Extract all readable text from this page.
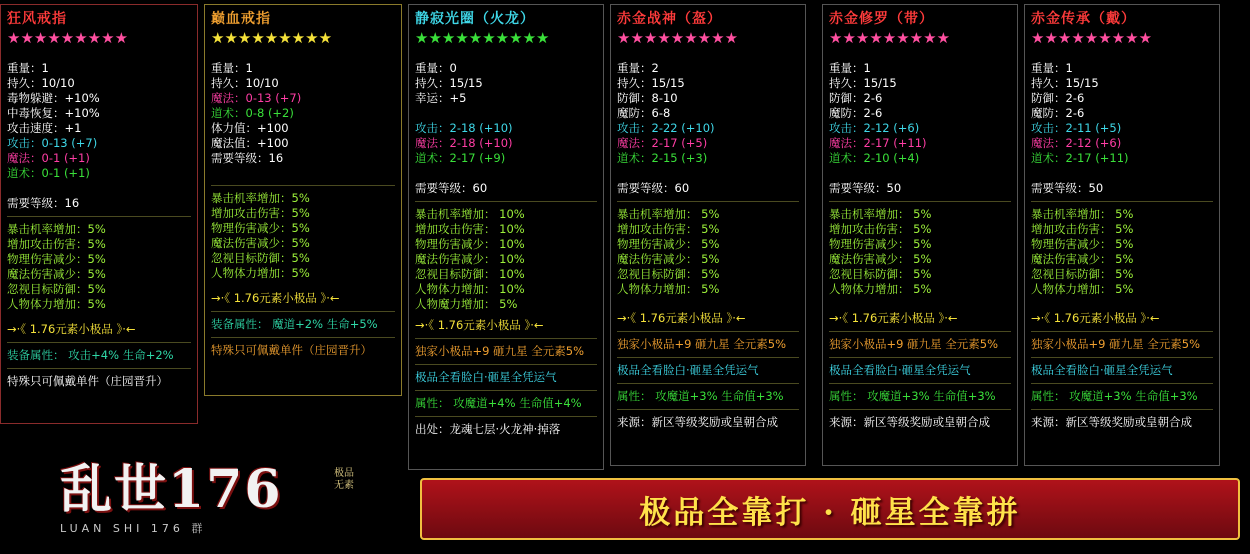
狂风戒指
★★★★★★★★★
重量：1
持久：10/10
毒物躲避：+10%
中毒恢复：+10%
攻击速度：+1
攻击：0-13 (+7)
魔法：0-1 (+1)
道术：0-1 (+1)

需要等级：16
暴击机率增加：5%
增加攻击伤害：5%
物理伤害减少：5%
魔法伤害减少：5%
忽视目标防御：5%
人物体力增加：5%
→·《 1.76元素小极品 》·←
装备属性： 攻击+4% 生命+2%
特殊只可佩戴单件（庄园晋升）
巅血戒指
★★★★★★★★★
重量：1
持久：10/10
魔法：0-13 (+7)
道术：0-8 (+2)
体力值：+100
魔法值：+100
需要等级：16
暴击机率增加：5%
增加攻击伤害：5%
物理伤害减少：5%
魔法伤害减少：5%
忽视目标防御：5%
人物体力增加：5%
→·《 1.76元素小极品 》·←
装备属性： 魔道+2% 生命+5%
特殊只可佩戴单件（庄园晋升）
静寂光圈（火龙）
★★★★★★★★★★
重量：0
持久：15/15
幸运：+5

攻击：2-18 (+10)
魔法：2-18 (+10)
道术：2-17 (+9)

需要等级：60
暴击机率增加： 10%
增加攻击伤害： 10%
物理伤害减少： 10%
魔法伤害减少： 10%
忽视目标防御： 10%
人物体力增加： 10%
人物魔力增加： 5%
→·《 1.76元素小极品 》·←
独家小极品+9 砸九星 全元素5%
极品全看脸白·砸星全凭运气
属性： 攻魔道+4% 生命值+4%
出处：龙魂七层·火龙神·掉落
赤金战神（盔）
★★★★★★★★★
重量：2
持久：15/15
防御：8-10
魔防：6-8
攻击：2-22 (+10)
魔法：2-17 (+5)
道术：2-15 (+3)

需要等级：60
暴击机率增加： 5%
增加攻击伤害： 5%
物理伤害减少： 5%
魔法伤害减少： 5%
忽视目标防御： 5%
人物体力增加： 5%
→·《 1.76元素小极品 》·←
独家小极品+9 砸九星 全元素5%
极品全看脸白·砸星全凭运气
属性： 攻魔道+3% 生命值+3%
来源：新区等级奖励或皇朝合成
赤金修罗（带）
★★★★★★★★★
重量：1
持久：15/15
防御：2-6
魔防：2-6
攻击：2-12 (+6)
魔法：2-17 (+11)
道术：2-10 (+4)

需要等级：50
暴击机率增加： 5%
增加攻击伤害： 5%
物理伤害减少： 5%
魔法伤害减少： 5%
忽视目标防御： 5%
人物体力增加： 5%
→·《 1.76元素小极品 》·←
独家小极品+9 砸九星 全元素5%
极品全看脸白·砸星全凭运气
属性： 攻魔道+3% 生命值+3%
来源：新区等级奖励或皇朝合成
赤金传承（戴）
★★★★★★★★★
重量：1
持久：15/15
防御：2-6
魔防：2-6
攻击：2-11 (+5)
魔法：2-12 (+6)
道术：2-17 (+11)

需要等级：50
暴击机率增加： 5%
增加攻击伤害： 5%
物理伤害减少： 5%
魔法伤害减少： 5%
忽视目标防御： 5%
人物体力增加： 5%
→·《 1.76元素小极品 》·←
独家小极品+9 砸九星 全元素5%
极品全看脸白·砸星全凭运气
属性： 攻魔道+3% 生命值+3%
来源：新区等级奖励或皇朝合成
乱世176
LUAN SHI 176 群
极品
无素
极品全靠打 · 砸星全靠拼
